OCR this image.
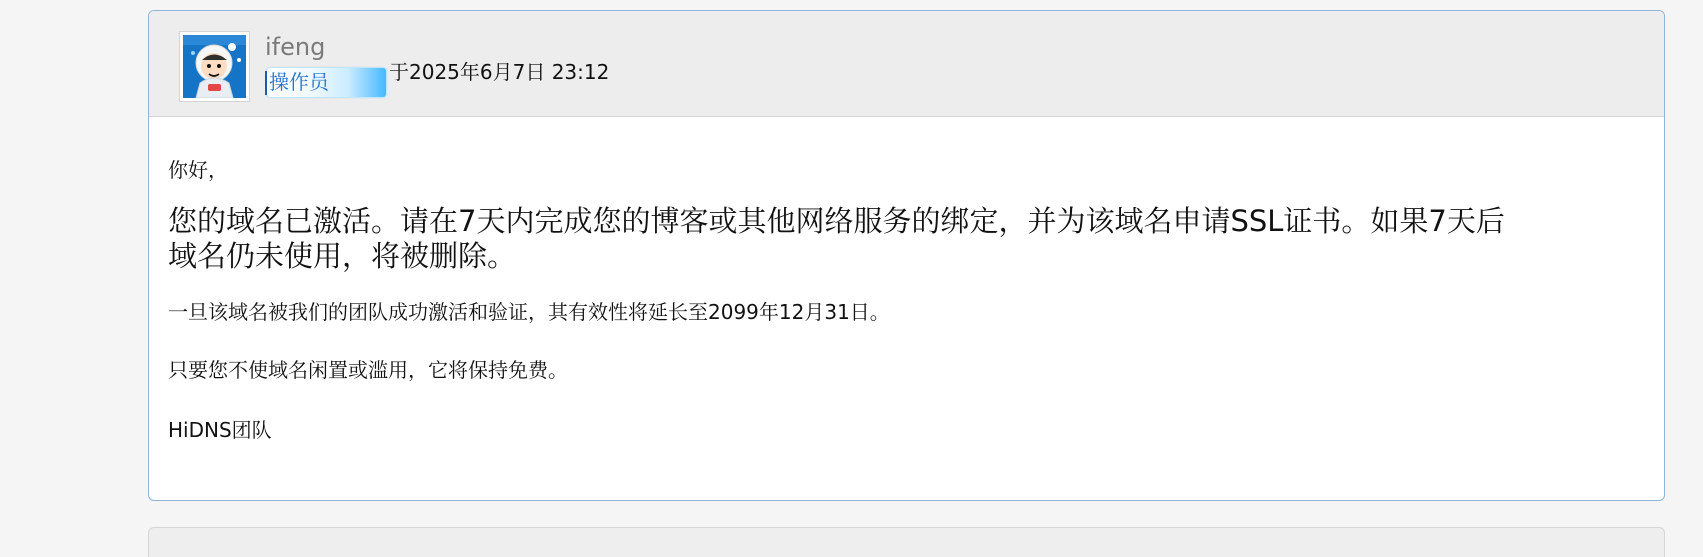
ifeng
操作员	于2025年6月7日 23:12
你好，
您的域名已激活。请在7天内完成您的博客或其他网络服务的绑定，并为该域名申请SSL证书。如果7天后
域名仍未使用，将被删除。
一旦该域名被我们的团队成功激活和验证，其有效性将延长至2099年12月31日。
只要您不使域名闲置或滥用，它将保持免费。
HiDNS团队
